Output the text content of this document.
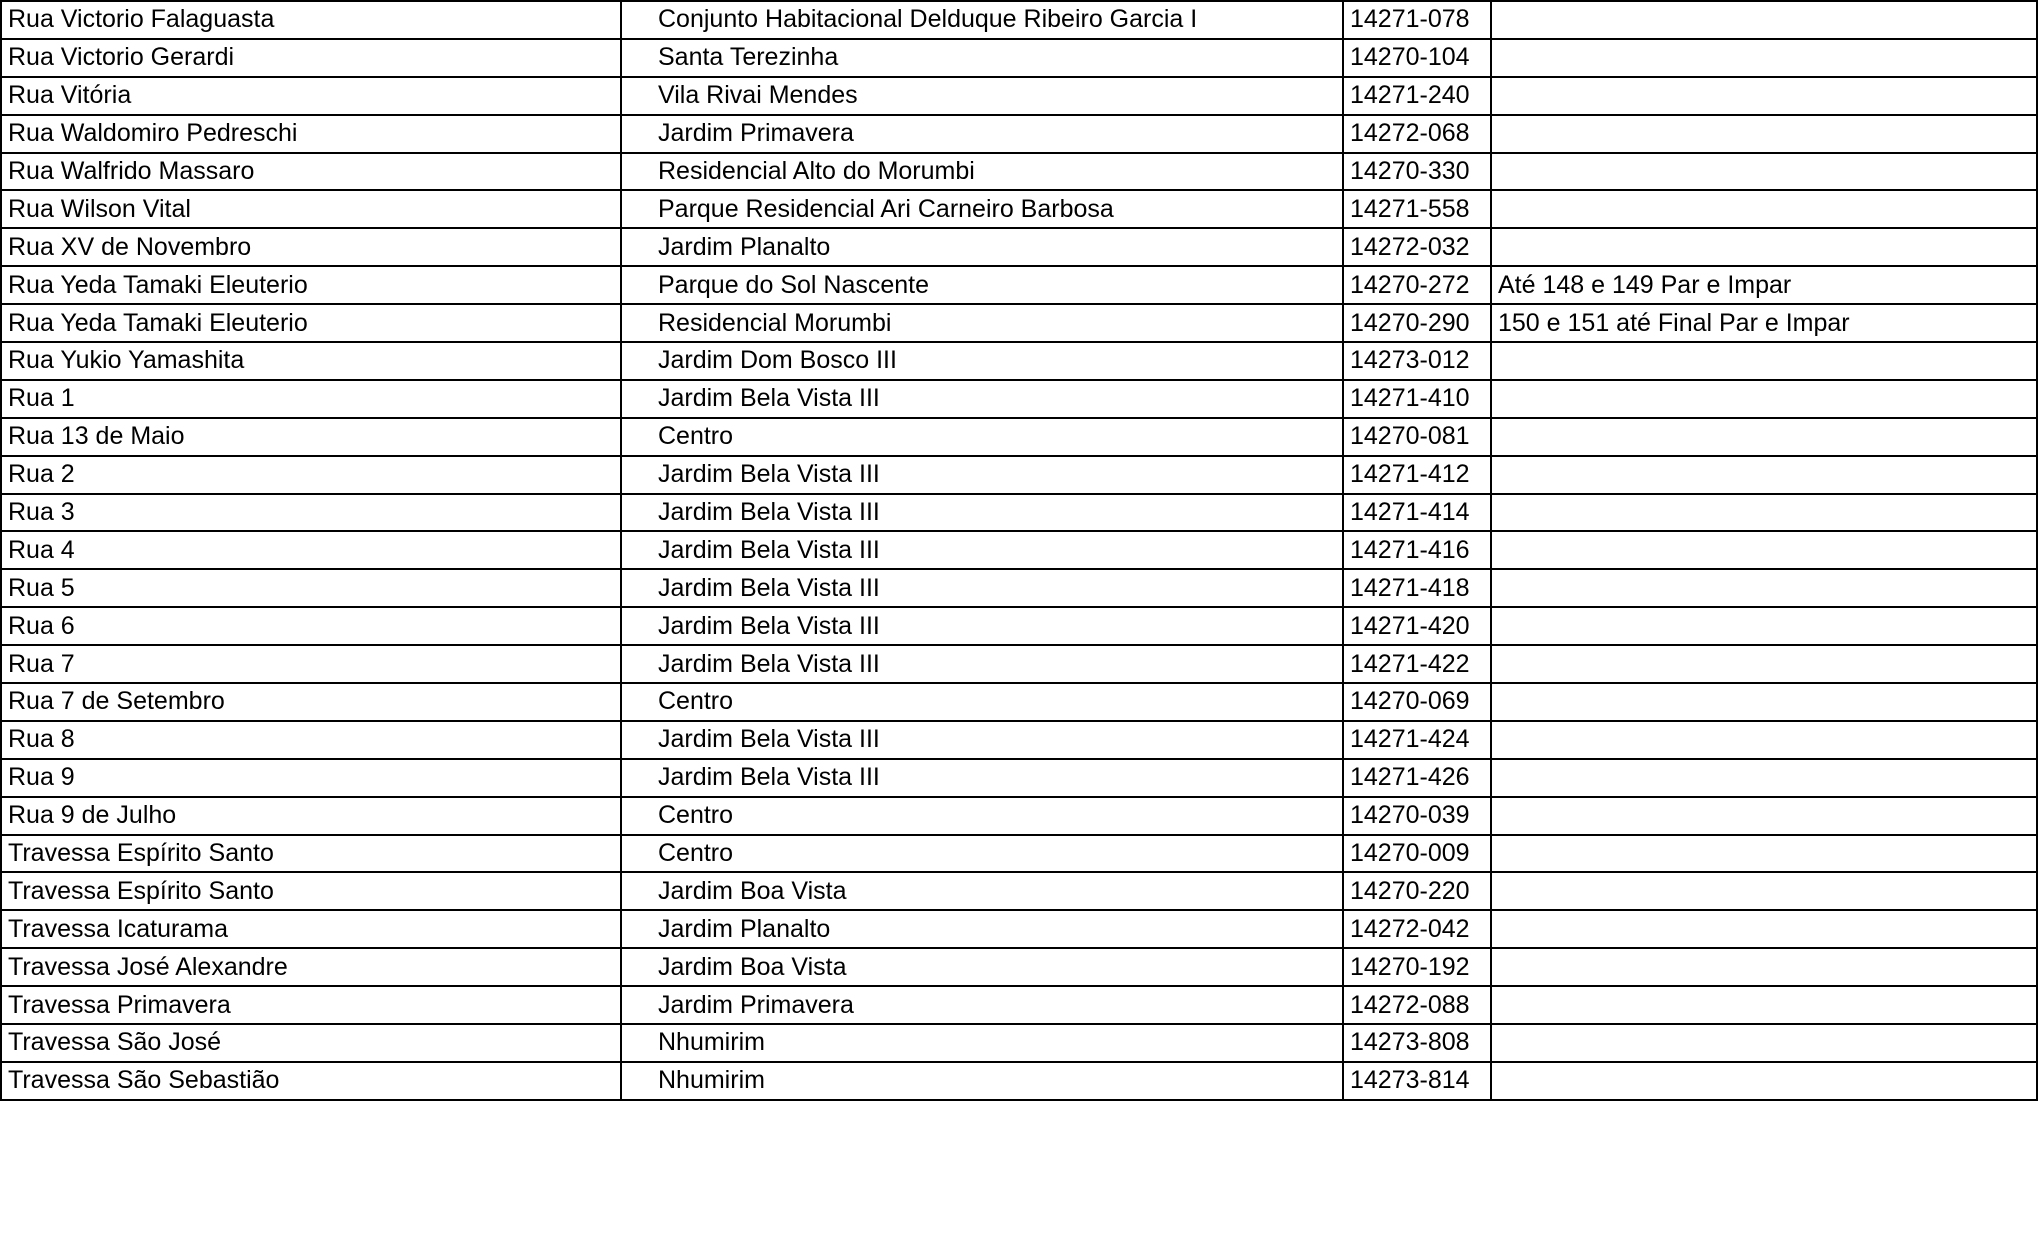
Rua Victorio Falaguasta	Conjunto Habitacional Delduque Ribeiro Garcia I	14271-078	
Rua Victorio Gerardi	Santa Terezinha	14270-104	
Rua Vitória	Vila Rivai Mendes	14271-240	
Rua Waldomiro Pedreschi	Jardim Primavera	14272-068	
Rua Walfrido Massaro	Residencial Alto do Morumbi	14270-330	
Rua Wilson Vital	Parque Residencial Ari Carneiro Barbosa	14271-558	
Rua XV de Novembro	Jardim Planalto	14272-032	
Rua Yeda Tamaki Eleuterio	Parque do Sol Nascente	14270-272	Até 148 e 149 Par e Impar
Rua Yeda Tamaki Eleuterio	Residencial Morumbi	14270-290	150 e 151 até Final Par e Impar
Rua Yukio Yamashita	Jardim Dom Bosco III	14273-012	
Rua 1	Jardim Bela Vista III	14271-410	
Rua 13 de Maio	Centro	14270-081	
Rua 2	Jardim Bela Vista III	14271-412	
Rua 3	Jardim Bela Vista III	14271-414	
Rua 4	Jardim Bela Vista III	14271-416	
Rua 5	Jardim Bela Vista III	14271-418	
Rua 6	Jardim Bela Vista III	14271-420	
Rua 7	Jardim Bela Vista III	14271-422	
Rua 7 de Setembro	Centro	14270-069	
Rua 8	Jardim Bela Vista III	14271-424	
Rua 9	Jardim Bela Vista III	14271-426	
Rua 9 de Julho	Centro	14270-039	
Travessa Espírito Santo	Centro	14270-009	
Travessa Espírito Santo	Jardim Boa Vista	14270-220	
Travessa Icaturama	Jardim Planalto	14272-042	
Travessa José Alexandre	Jardim Boa Vista	14270-192	
Travessa Primavera	Jardim Primavera	14272-088	
Travessa São José	Nhumirim	14273-808	
Travessa São Sebastião	Nhumirim	14273-814	
